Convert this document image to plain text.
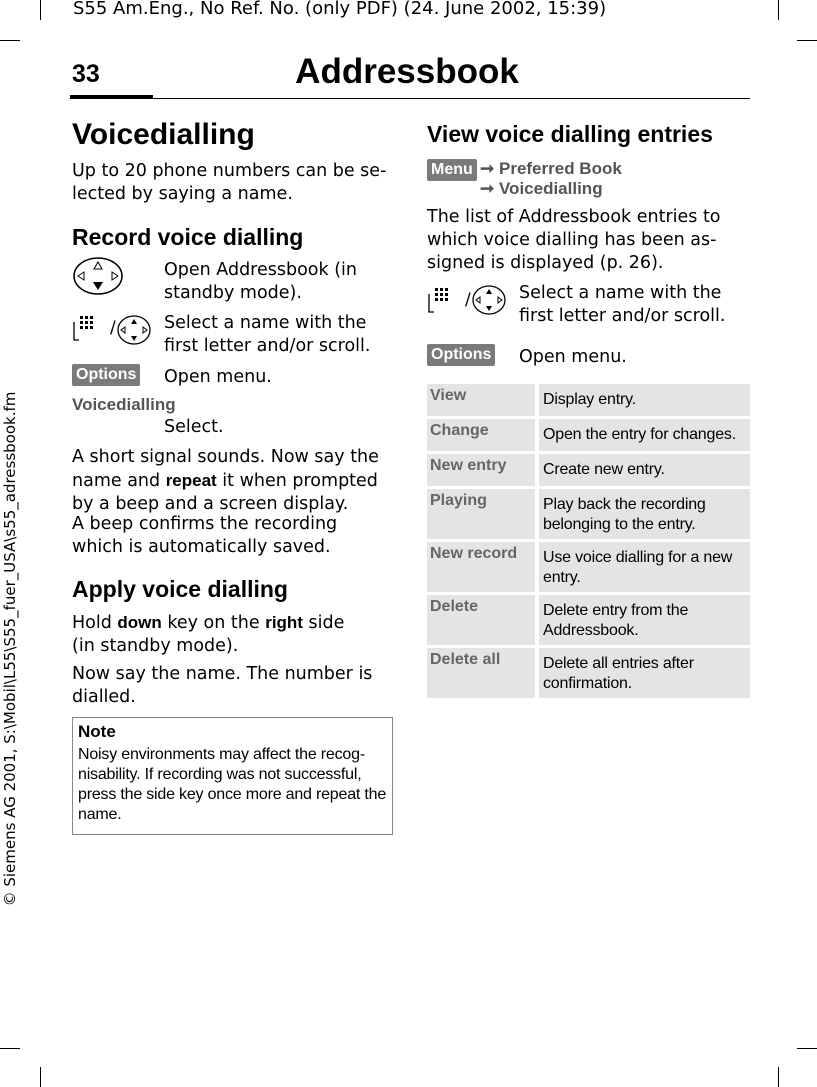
S55 Am.Eng., No Ref. No. (only PDF) (24. June 2002, 15:39)
© Siemens AG 2001, S:\Mobil\L55\S55_fuer_USA\s55_adressbook.fm
33	Addressbook
Voicedialling
Up to 20 phone numbers can be se-lected by saying a name.
Record voice dialling
Open Addressbook (in standby mode).
/	Select a name with the first letter and/or scroll.
Options Open menu.
Voicedialling
Select.
A short signal sounds. Now say the name and repeat it when prompted by a beep and a screen display.
A beep confirms the recording which is automatically saved.
Apply voice dialling
Hold down key on the right side
(in standby mode).
Now say the name. The number is dialled.
Note
Noisy environments may affect the recog-nisability. If recording was not successful, press the side key once more and repeat the name.
View voice dialling entries
Menu ➞ Preferred Book
➞ Voicedialling
The list of Addressbook entries to which voice dialling has been as-signed is displayed (p. 26).
/	Select a name with the first letter and/or scroll.
Options Open menu.
View	Display entry.
Change	Open the entry for changes.
New entry	Create new entry.
Playing	Play back the recording belonging to the entry.
New record	Use voice dialling for a new entry.
Delete	Delete entry from the Addressbook.
Delete all	Delete all entries after confirmation.
